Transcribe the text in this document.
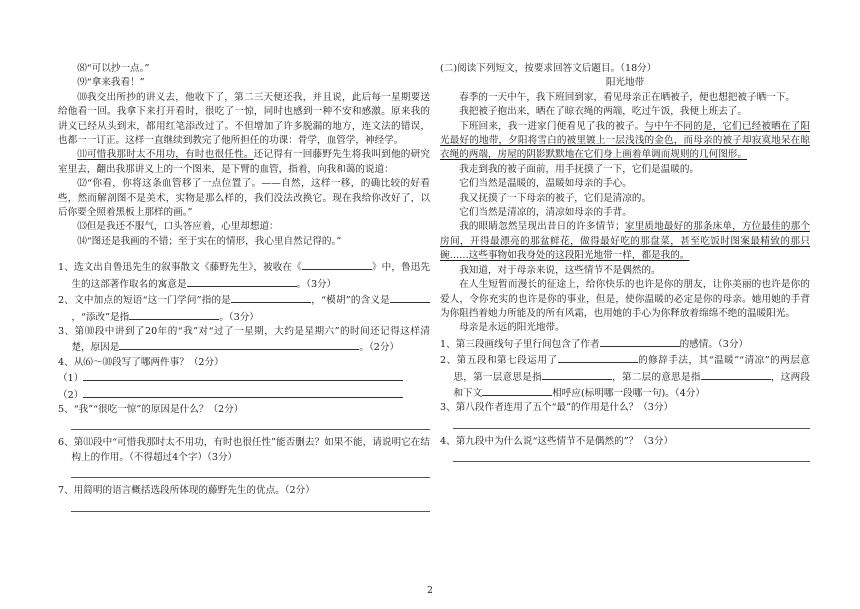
⑻“可以抄一点。”

⑼“拿来我看！”

⑽我交出所抄的讲义去，他收下了，第二三天便还我，并且说，此后每一星期要送给他看一回。我拿下来打开看时，很吃了一惊，同时也感到一种不安和感激。原来我的讲义已经从头到末，都用红笔添改过了。不但增加了许多脱漏的地方，连文法的错误，也都一一订正。这样一直继续到教完了他所担任的功课：骨学，血管学，神经学。

⑾可惜我那时太不用功，有时也很任性。还记得有一回藤野先生将我叫到他的研究室里去，翻出我那讲义上的一个图来，是下臂的血管，指着，向我和蔼的说道：

⑿“你看，你将这条血管移了一点位置了。——自然，这样一移，的确比较的好看些，然而解剖图不是美术，实物是那么样的，我们没法改换它。现在我给你改好了，以后你要全照着黑板上那样的画。”

⒀但是我还不服气，口头答应着，心里却想道：

⒁“图还是我画的不错；至于实在的情形，我心里自然记得的。”

1、选文出自鲁迅先生的叙事散文《藤野先生》，被收在《	》中，鲁迅先生的这部著作取名的寓意是	。（3分）

2、文中加点的短语“这一门学问”指的是	，“模胡”的含义是，“添改”是指	。（3分）

3、第⑽段中讲到了20年的“我”对“过了一星期，大约是星期六”的时间还记得这样清楚，原因是	。（2分）

4、从⑹～⑽段写了哪两件事？（2分）

（1）

（2）

5、“我”“很吃一惊”的原因是什么？（2分）

6、第⑾段中“可惜我那时太不用功，有时也很任性”能否删去？如果不能，请说明它在结构上的作用。（不得超过4个字）（3分）

7、用简明的语言概括选段所体现的藤野先生的优点。（2分）

(二)阅读下列短文，按要求回答文后题目。（18分）

阳光地带

春季的一天中午，我下班回到家，看见母亲正在晒被子，便也想把被子晒一下。

我把被子抱出来，晒在了晾衣绳的两端，吃过午饭，我便上班去了。

下班回来，我一进家门便看见了我的被子。与中午不同的是，它们已经被晒在了阳光最好的地带，夕阳将雪白的被里镀上一层浅浅的金色，而母亲的被子却寂寞地呆在晾衣绳的两端，房屋的阴影默默地在它们身上画着单调而规则的几何图形。

我走到我的被子面前，用手抚摸了一下，它们是温暖的。

它们当然是温暖的，温暖如母亲的手心。

我又抚摸了一下母亲的被子，它们是清凉的。

它们当然是清凉的，清凉如母亲的手背。

我的眼睛忽然呈现出昔日的许多情节；家里质地最好的那条床单，方位最佳的那个房间，开得最漂亮的那盆鲜花，做得最好吃的那盘菜，甚至吃饭时图案最精致的那只碗……这些事物如我身处的这段阳光地带一样，都是我的。

我知道，对于母亲来说，这些情节不是偶然的。

在人生短暂而漫长的征途上，给你快乐的也许是你的朋友，让你美丽的也许是你的爱人，令你充实的也许是你的事业，但是，使你温暖的必定是你的母亲。她用她的手背为你阻挡着她力所能及的所有风霜，也用她的手心为你释放着绵绵不绝的温暖阳光。

母亲是永远的阳光地带。

1、第三段画线句子里行间包含了作者	的感情。（3分）

2、第五段和第七段运用了	的修辞手法，其“温暖”“清凉”的两层意思，第一层意思是指	，第二层的意思是指	，这两段和下文	相呼应(标明哪一段哪一句)。（4分）

3、第八段作者连用了五个“最”的作用是什么？（3分）

4、第九段中为什么说“这些情节不是偶然的”？（3分）

2
